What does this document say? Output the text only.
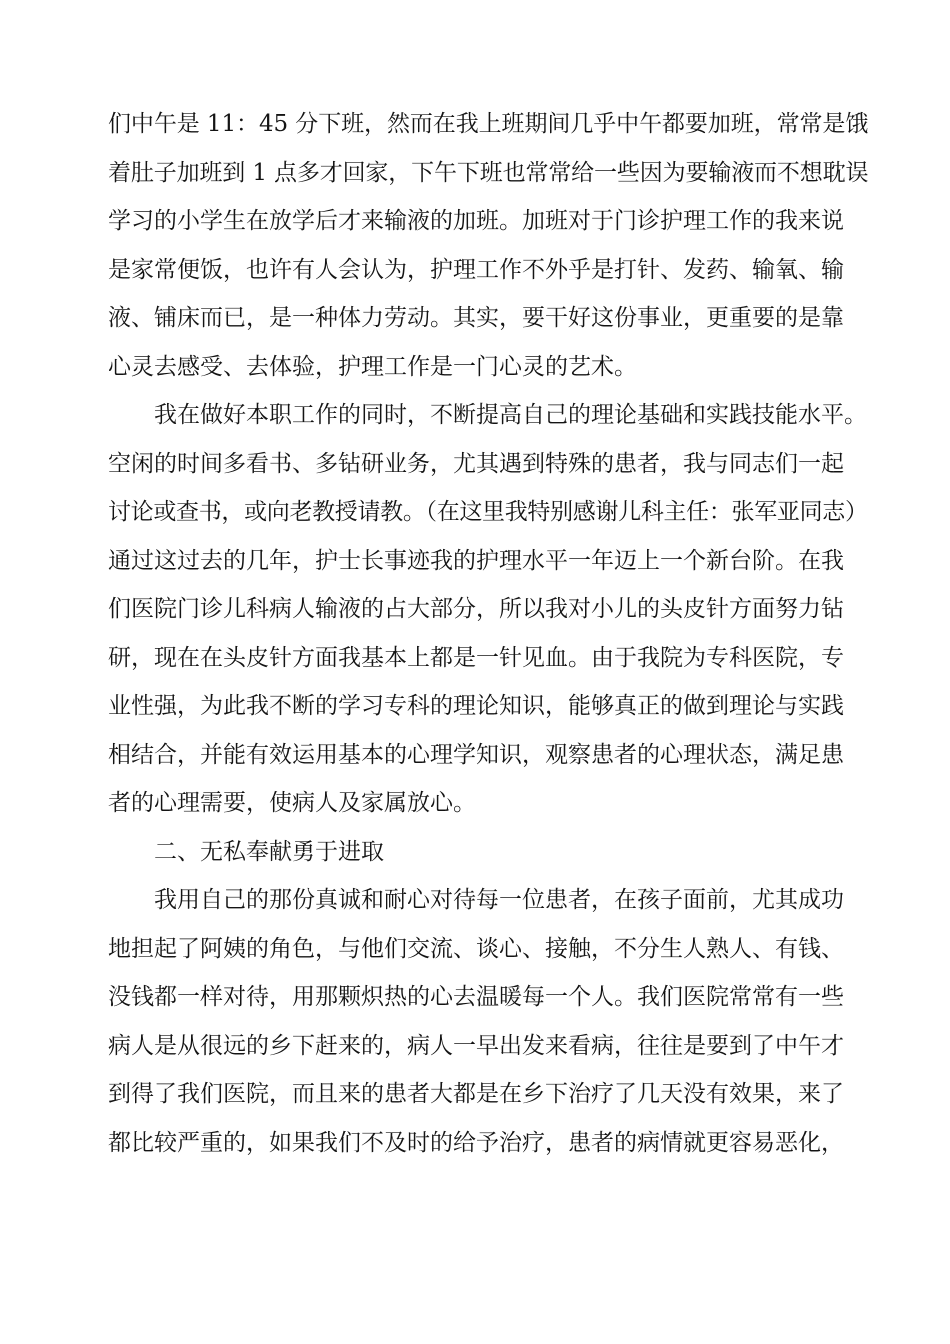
们中午是 11：45 分下班，然而在我上班期间几乎中午都要加班，常常是饿
着肚子加班到 1 点多才回家，下午下班也常常给一些因为要输液而不想耽误
学习的小学生在放学后才来输液的加班。加班对于门诊护理工作的我来说
是家常便饭，也许有人会认为，护理工作不外乎是打针、发药、输氧、输
液、铺床而已，是一种体力劳动。其实，要干好这份事业，更重要的是靠
心灵去感受、去体验，护理工作是一门心灵的艺术。
我在做好本职工作的同时，不断提高自己的理论基础和实践技能水平。
空闲的时间多看书、多钻研业务，尤其遇到特殊的患者，我与同志们一起
讨论或查书，或向老教授请教。（在这里我特别感谢儿科主任：张军亚同志）
通过这过去的几年，护士长事迹我的护理水平一年迈上一个新台阶。在我
们医院门诊儿科病人输液的占大部分，所以我对小儿的头皮针方面努力钻
研，现在在头皮针方面我基本上都是一针见血。由于我院为专科医院，专
业性强，为此我不断的学习专科的理论知识，能够真正的做到理论与实践
相结合，并能有效运用基本的心理学知识，观察患者的心理状态，满足患
者的心理需要，使病人及家属放心。
二、无私奉献勇于进取
我用自己的那份真诚和耐心对待每一位患者，在孩子面前，尤其成功
地担起了阿姨的角色，与他们交流、谈心、接触，不分生人熟人、有钱、
没钱都一样对待，用那颗炽热的心去温暖每一个人。我们医院常常有一些
病人是从很远的乡下赶来的，病人一早出发来看病，往往是要到了中午才
到得了我们医院，而且来的患者大都是在乡下治疗了几天没有效果，来了
都比较严重的，如果我们不及时的给予治疗，患者的病情就更容易恶化，
